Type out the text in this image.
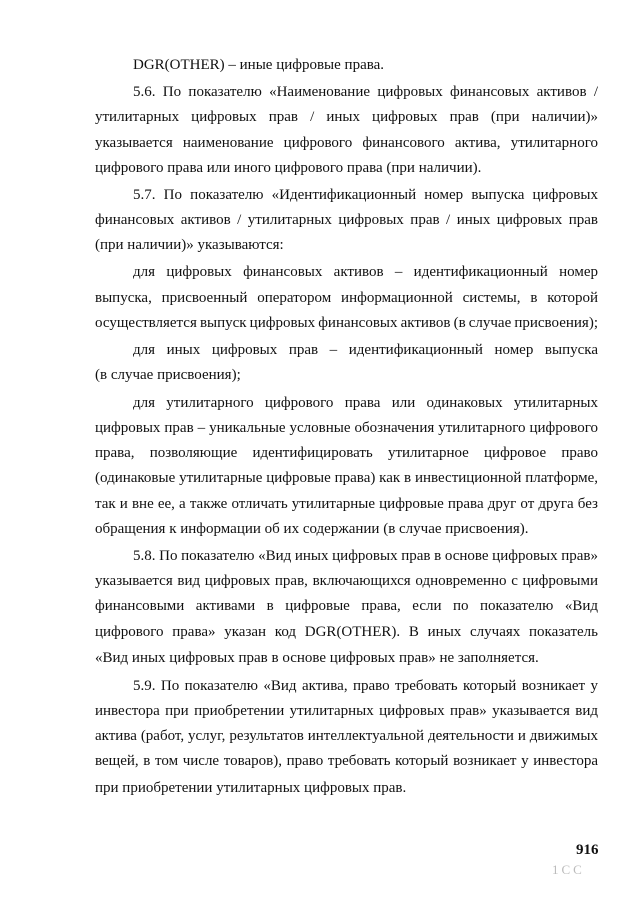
DGR(OTHER) – иные цифровые права.
5.6. По показателю «Наименование цифровых финансовых активов /
утилитарных цифровых прав / иных цифровых прав (при наличии)»
указывается наименование цифрового финансового актива, утилитарного
цифрового права или иного цифрового права (при наличии).
5.7. По показателю «Идентификационный номер выпуска цифровых
финансовых активов / утилитарных цифровых прав / иных цифровых прав
(при наличии)» указываются:
для цифровых финансовых активов – идентификационный номер
выпуска, присвоенный оператором информационной системы, в которой
осуществляется выпуск цифровых финансовых активов (в случае присвоения);
для иных цифровых прав – идентификационный номер выпуска
(в случае присвоения);
для утилитарного цифрового права или одинаковых утилитарных
цифровых прав – уникальные условные обозначения утилитарного цифрового
права, позволяющие идентифицировать утилитарное цифровое право
(одинаковые утилитарные цифровые права) как в инвестиционной платформе,
так и вне ее, а также отличать утилитарные цифровые права друг от друга без
обращения к информации об их содержании (в случае присвоения).
5.8. По показателю «Вид иных цифровых прав в основе цифровых прав»
указывается вид цифровых прав, включающихся одновременно с цифровыми
финансовыми активами в цифровые права, если по показателю «Вид
цифрового права» указан код DGR(OTHER). В иных случаях показатель
«Вид иных цифровых прав в основе цифровых прав» не заполняется.
5.9. По показателю «Вид актива, право требовать который возникает у
инвестора при приобретении утилитарных цифровых прав» указывается вид
актива (работ, услуг, результатов интеллектуальной деятельности и движимых
вещей, в том числе товаров), право требовать который возникает у инвестора
при приобретении утилитарных цифровых прав.
916
1CC
